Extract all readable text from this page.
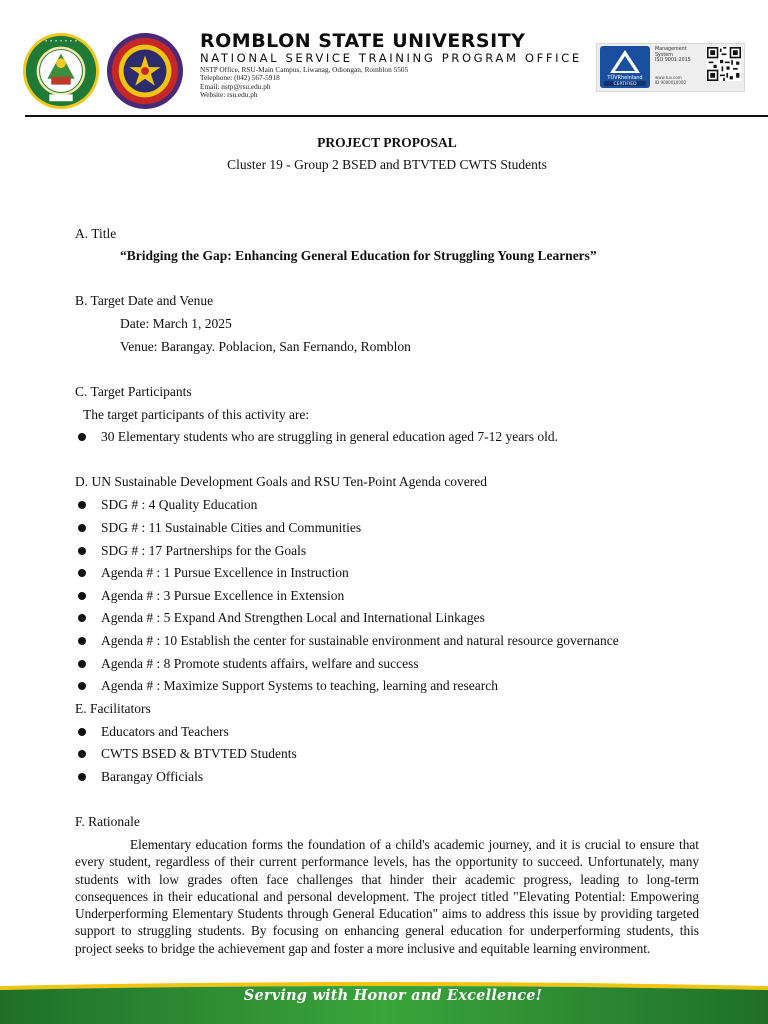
· · · · · · ·	ROMBLON STATE UNIVERSITY
NATIONAL SERVICE TRAINING PROGRAM OFFICE
NSTP Office, RSU-Main Campus, Liwanag, Odiongan, Romblon 5505
Telephone: (042) 567-5918
Email: nstp@rsu.edu.ph
Website: rsu.edu.ph
TÜVRheinland
CERTIFIED
Management
System
ISO 9001:2015
www.tuv.com
ID 9000010000
PROJECT PROPOSAL
Cluster 19 - Group 2 BSED and BTVTED CWTS Students
A. Title
“Bridging the Gap: Enhancing General Education for Struggling Young Learners”
B. Target Date and Venue
Date: March 1, 2025
Venue: Barangay. Poblacion, San Fernando, Romblon
C. Target Participants
The target participants of this activity are:
30 Elementary students who are struggling in general education aged 7-12 years old.
D. UN Sustainable Development Goals and RSU Ten-Point Agenda covered
SDG # : 4 Quality Education
SDG # : 11 Sustainable Cities and Communities
SDG # : 17 Partnerships for the Goals
Agenda # : 1 Pursue Excellence in Instruction
Agenda # : 3 Pursue Excellence in Extension
Agenda # : 5 Expand And Strengthen Local and International Linkages
Agenda # : 10 Establish the center for sustainable environment and natural resource governance
Agenda # : 8 Promote students affairs, welfare and success
Agenda # : Maximize Support Systems to teaching, learning and research
E. Facilitators
Educators and Teachers
CWTS BSED & BTVTED Students
Barangay Officials
F. Rationale
Elementary education forms the foundation of a child's academic journey, and it is crucial to ensure that every student, regardless of their current performance levels, has the opportunity to succeed. Unfortunately, many students with low grades often face challenges that hinder their academic progress, leading to long-term consequences in their educational and personal development. The project titled "Elevating Potential: Empowering Underperforming Elementary Students through General Education" aims to address this issue by providing targeted support to struggling students. By focusing on enhancing general education for underperforming students, this project seeks to bridge the achievement gap and foster a more inclusive and equitable learning environment.
Serving with Honor and Excellence!
